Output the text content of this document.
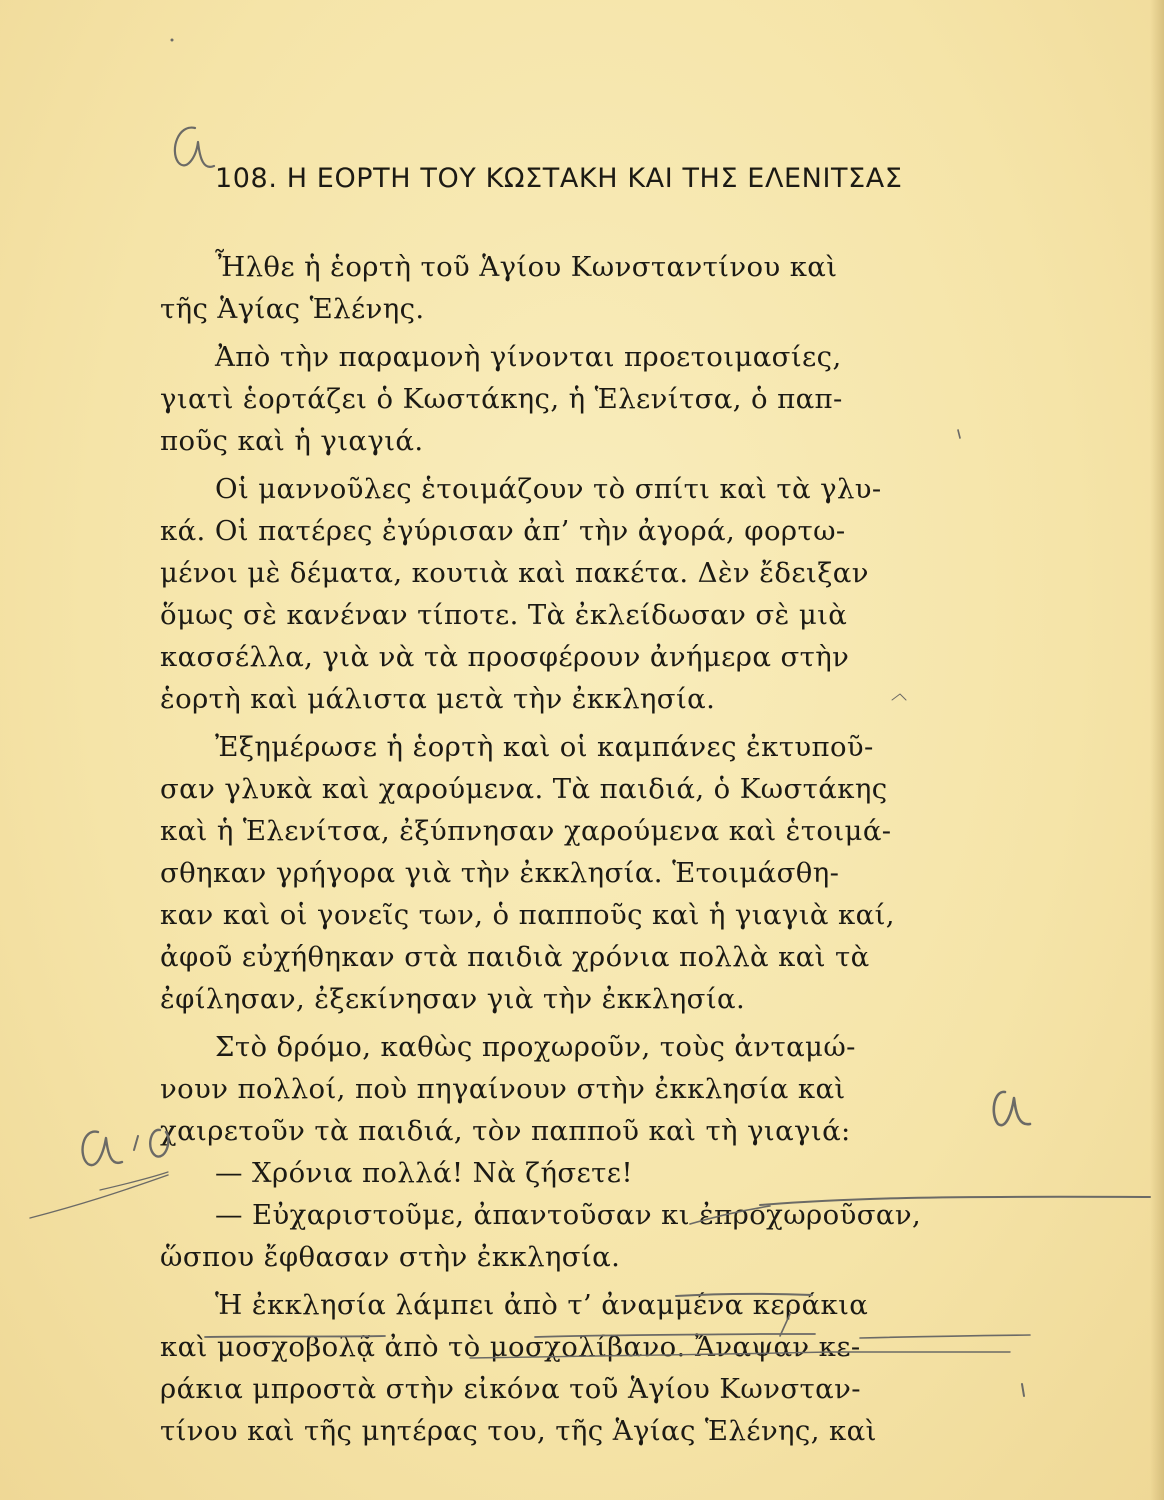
108. Η ΕΟΡΤΗ ΤΟΥ ΚΩΣΤΑΚΗ ΚΑΙ ΤΗΣ ΕΛΕΝΙΤΣΑΣ
Ἦλθε ἡ ἑορτὴ τοῦ Ἁγίου Κωνσταντίνου καὶ
τῆς Ἁγίας Ἑλένης.
Ἀπὸ τὴν παραμονὴ γίνονται προετοιμασίες,
γιατὶ ἑορτάζει ὁ Κωστάκης, ἡ Ἑλενίτσα, ὁ παπ-
ποῦς καὶ ἡ γιαγιά.
Οἱ μαννοῦλες ἑτοιμάζουν τὸ σπίτι καὶ τὰ γλυ-
κά. Οἱ πατέρες ἐγύρισαν ἀπ’ τὴν ἀγορά, φορτω-
μένοι μὲ δέματα, κουτιὰ καὶ πακέτα. Δὲν ἔδειξαν
ὅμως σὲ κανέναν τίποτε. Τὰ ἐκλείδωσαν σὲ μιὰ
κασσέλλα, γιὰ νὰ τὰ προσφέρουν ἀνήμερα στὴν
ἑορτὴ καὶ μάλιστα μετὰ τὴν ἐκκλησία.
Ἐξημέρωσε ἡ ἑορτὴ καὶ οἱ καμπάνες ἐκτυποῦ-
σαν γλυκὰ καὶ χαρούμενα. Τὰ παιδιά, ὁ Κωστάκης
καὶ ἡ Ἑλενίτσα, ἐξύπνησαν χαρούμενα καὶ ἑτοιμά-
σθηκαν γρήγορα γιὰ τὴν ἐκκλησία. Ἑτοιμάσθη-
καν καὶ οἱ γονεῖς των, ὁ παπποῦς καὶ ἡ γιαγιὰ καί,
ἀφοῦ εὐχήθηκαν στὰ παιδιὰ χρόνια πολλὰ καὶ τὰ
ἐφίλησαν, ἐξεκίνησαν γιὰ τὴν ἐκκλησία.
Στὸ δρόμο, καθὼς προχωροῦν, τοὺς ἀνταμώ-
νουν πολλοί, ποὺ πηγαίνουν στὴν ἐκκλησία καὶ
χαιρετοῦν τὰ παιδιά, τὸν παπποῦ καὶ τὴ γιαγιά:
— Χρόνια πολλά! Νὰ ζήσετε!
— Εὐχαριστοῦμε, ἀπαντοῦσαν κι ἐπροχωροῦσαν,
ὥσπου ἔφθασαν στὴν ἐκκλησία.
Ἡ ἐκκλησία λάμπει ἀπὸ τ’ ἀναμμένα κεράκια
καὶ μοσχοβολᾷ ἀπὸ τὸ μοσχολίβανο. Ἄναψαν κε-
ράκια μπροστὰ στὴν εἰκόνα τοῦ Ἁγίου Κωνσταν-
τίνου καὶ τῆς μητέρας του, τῆς Ἁγίας Ἑλένης, καὶ
